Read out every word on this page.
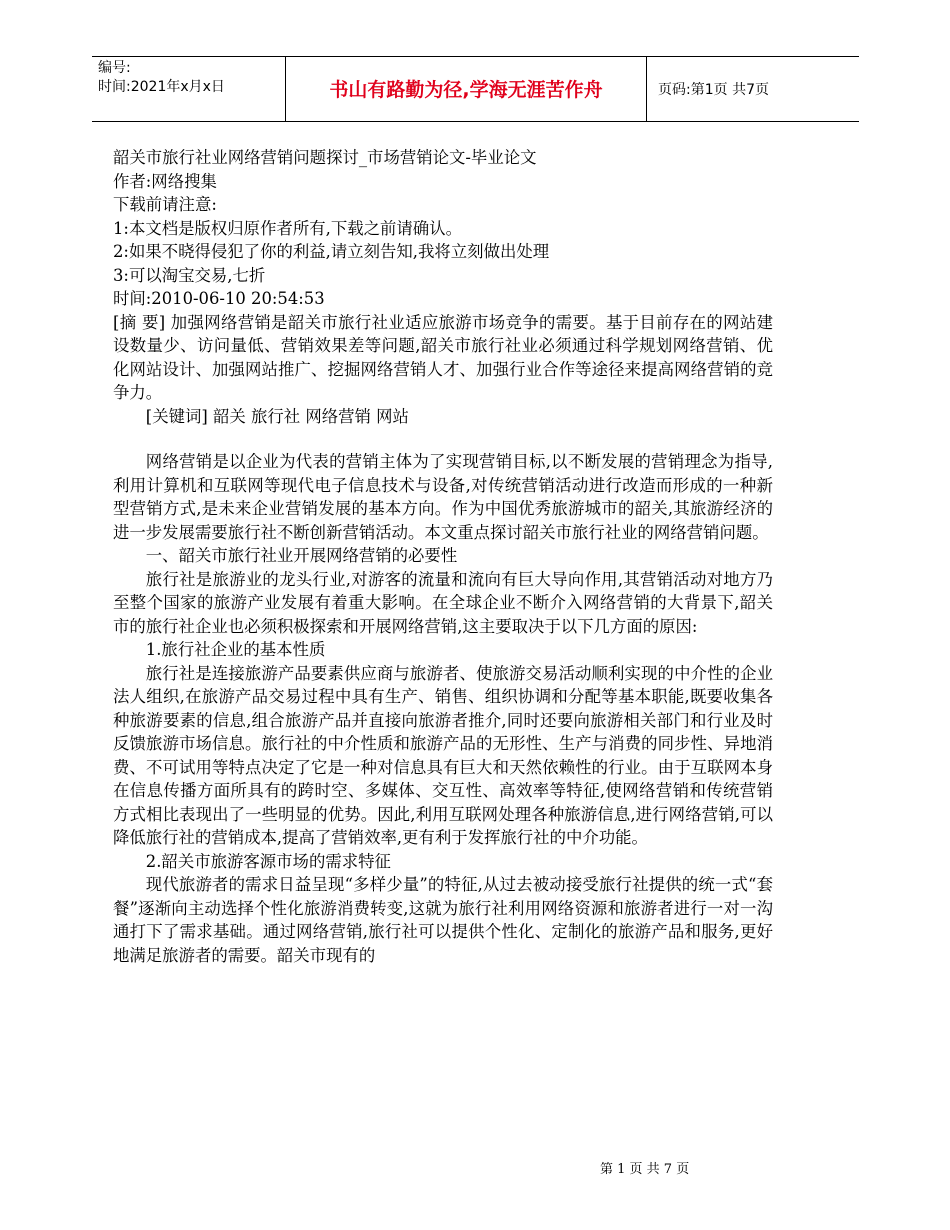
编号:
时间:2021年x月x日	书山有路勤为径,学海无涯苦作舟	页码:第1页 共7页

韶关市旅行社业网络营销问题探讨_市场营销论文-毕业论文

作者:网络搜集

下载前请注意:

1:本文档是版权归原作者所有,下载之前请确认。

2:如果不晓得侵犯了你的利益,请立刻告知,我将立刻做出处理

3:可以淘宝交易,七折

时间:2010-06-10 20:54:53

[摘 要] 加强网络营销是韶关市旅行社业适应旅游市场竞争的需要。基于目前存在的网站建设数量少、访问量低、营销效果差等问题,韶关市旅行社业必须通过科学规划网络营销、优化网站设计、加强网站推广、挖掘网络营销人才、加强行业合作等途径来提高网络营销的竞争力。

[关键词] 韶关 旅行社 网络营销 网站

网络营销是以企业为代表的营销主体为了实现营销目标,以不断发展的营销理念为指导,利用计算机和互联网等现代电子信息技术与设备,对传统营销活动进行改造而形成的一种新型营销方式,是未来企业营销发展的基本方向。作为中国优秀旅游城市的韶关,其旅游经济的进一步发展需要旅行社不断创新营销活动。本文重点探讨韶关市旅行社业的网络营销问题。

一、韶关市旅行社业开展网络营销的必要性

旅行社是旅游业的龙头行业,对游客的流量和流向有巨大导向作用,其营销活动对地方乃至整个国家的旅游产业发展有着重大影响。在全球企业不断介入网络营销的大背景下,韶关市的旅行社企业也必须积极探索和开展网络营销,这主要取决于以下几方面的原因:

1.旅行社企业的基本性质

旅行社是连接旅游产品要素供应商与旅游者、使旅游交易活动顺利实现的中介性的企业法人组织,在旅游产品交易过程中具有生产、销售、组织协调和分配等基本职能,既要收集各种旅游要素的信息,组合旅游产品并直接向旅游者推介,同时还要向旅游相关部门和行业及时反馈旅游市场信息。旅行社的中介性质和旅游产品的无形性、生产与消费的同步性、异地消费、不可试用等特点决定了它是一种对信息具有巨大和天然依赖性的行业。由于互联网本身在信息传播方面所具有的跨时空、多媒体、交互性、高效率等特征,使网络营销和传统营销方式相比表现出了一些明显的优势。因此,利用互联网处理各种旅游信息,进行网络营销,可以降低旅行社的营销成本,提高了营销效率,更有利于发挥旅行社的中介功能。

2.韶关市旅游客源市场的需求特征

现代旅游者的需求日益呈现“多样少量”的特征,从过去被动接受旅行社提供的统一式“套餐”逐渐向主动选择个性化旅游消费转变,这就为旅行社利用网络资源和旅游者进行一对一沟通打下了需求基础。通过网络营销,旅行社可以提供个性化、定制化的旅游产品和服务,更好地满足旅游者的需要。韶关市现有的

第 1 页 共 7 页
